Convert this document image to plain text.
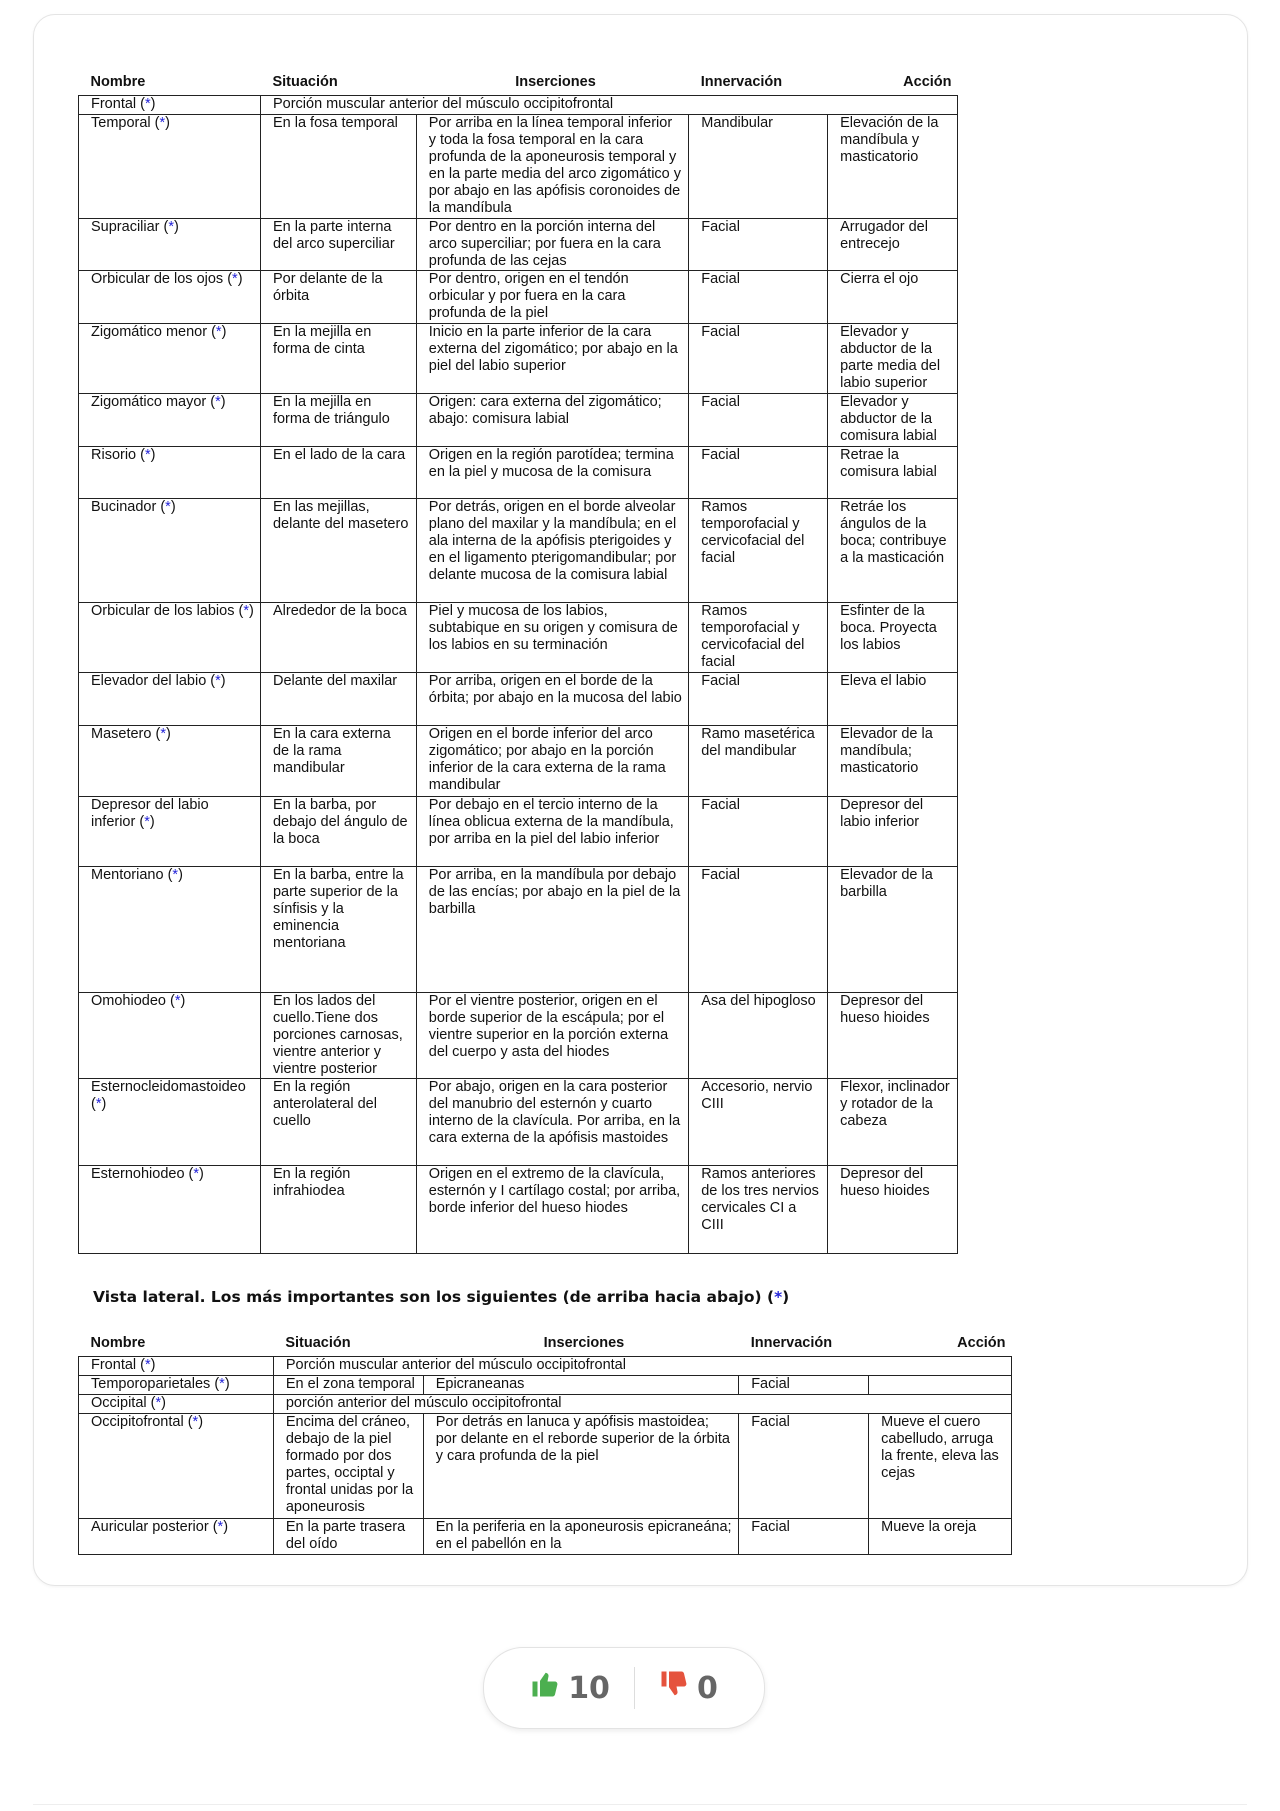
Nombre	Situación	Inserciones	Innervación	Acción
Frontal (*)	Porción muscular anterior del músculo occipitofrontal			
Temporal (*)	En la fosa temporal	Por arriba en la línea temporal inferior y toda la fosa temporal en la cara profunda de la aponeurosis temporal y en la parte media del arco zigomático y por abajo en las apófisis coronoides de la mandíbula	Mandibular	Elevación de la mandíbula y masticatorio
Supraciliar (*)	En la parte interna del arco superciliar	Por dentro en la porción interna del arco superciliar; por fuera en la cara profunda de las cejas	Facial	Arrugador del entrecejo
Orbicular de los ojos (*)	Por delante de la órbita	Por dentro, origen en el tendón orbicular y por fuera en la cara profunda de la piel	Facial	Cierra el ojo
Zigomático menor (*)	En la mejilla en forma de cinta	Inicio en la parte inferior de la cara externa del zigomático; por abajo en la piel del labio superior	Facial	Elevador y abductor de la parte media del labio superior
Zigomático mayor (*)	En la mejilla en forma de triángulo	Origen: cara externa del zigomático; abajo: comisura labial	Facial	Elevador y abductor de la comisura labial
Risorio (*)	En el lado de la cara	Origen en la región parotídea; termina en la piel y mucosa de la comisura	Facial	Retrae la comisura labial
Bucinador (*)	En las mejillas, delante del masetero	Por detrás, origen en el borde alveolar plano del maxilar y la mandíbula; en el ala interna de la apófisis pterigoides y en el ligamento pterigomandibular; por delante mucosa de la comisura labial	Ramos temporofacial y cervicofacial del facial	Retráe los ángulos de la boca; contribuye a la masticación
Orbicular de los labios (*)	Alrededor de la boca	Piel y mucosa de los labios, subtabique en su origen y comisura de los labios en su terminación	Ramos temporofacial y cervicofacial del facial	Esfinter de la boca. Proyecta los labios
Elevador del labio (*)	Delante del maxilar	Por arriba, origen en el borde de la órbita; por abajo en la mucosa del labio	Facial	Eleva el labio
Masetero (*)	En la cara externa de la rama mandibular	Origen en el borde inferior del arco zigomático; por abajo en la porción inferior de la cara externa de la rama mandibular	Ramo masetérica del mandibular	Elevador de la mandíbula; masticatorio
Depresor del labio inferior (*)	En la barba, por debajo del ángulo de la boca	Por debajo en el tercio interno de la línea oblicua externa de la mandíbula, por arriba en la piel del labio inferior	Facial	Depresor del labio inferior
Mentoriano (*)	En la barba, entre la parte superior de la sínfisis y la eminencia mentoriana	Por arriba, en la mandíbula por debajo de las encías; por abajo en la piel de la barbilla	Facial	Elevador de la barbilla
Omohiodeo (*)	En los lados del cuello.Tiene dos porciones carnosas, vientre anterior y vientre posterior	Por el vientre posterior, origen en el borde superior de la escápula; por el vientre superior en la porción externa del cuerpo y asta del hiodes	Asa del hipogloso	Depresor del hueso hioides
Esternocleidomastoideo (*)	En la región anterolateral del cuello	Por abajo, origen en la cara posterior del manubrio del esternón y cuarto interno de la clavícula. Por arriba, en la cara externa de la apófisis mastoides	Accesorio, nervio CIII	Flexor, inclinador y rotador de la cabeza
Esternohiodeo (*)	En la región infrahiodea	Origen en el extremo de la clavícula, esternón y I cartílago costal; por arriba, borde inferior del hueso hiodes	Ramos anteriores de los tres nervios cervicales CI a CIII	Depresor del hueso hioides
Vista lateral. Los más importantes son los siguientes (de arriba hacia abajo) (*)
Nombre	Situación	Inserciones	Innervación	Acción
Frontal (*)	Porción muscular anterior del músculo occipitofrontal			
Temporoparietales (*)	En el zona temporal	Epicraneanas	Facial	
Occipital (*)	porción anterior del músculo occipitofrontal			
Occipitofrontal (*)	Encima del cráneo, debajo de la piel formado por dos partes, occiptal y frontal unidas por la aponeurosis	Por detrás en lanuca y apófisis mastoidea; por delante en el reborde superior de la órbita y cara profunda de la piel	Facial	Mueve el cuero cabelludo, arruga la frente, eleva las cejas
Auricular posterior (*)	En la parte trasera del oído	En la periferia en la aponeurosis epicraneána; en el pabellón en la	Facial	Mueve la oreja
10	0
